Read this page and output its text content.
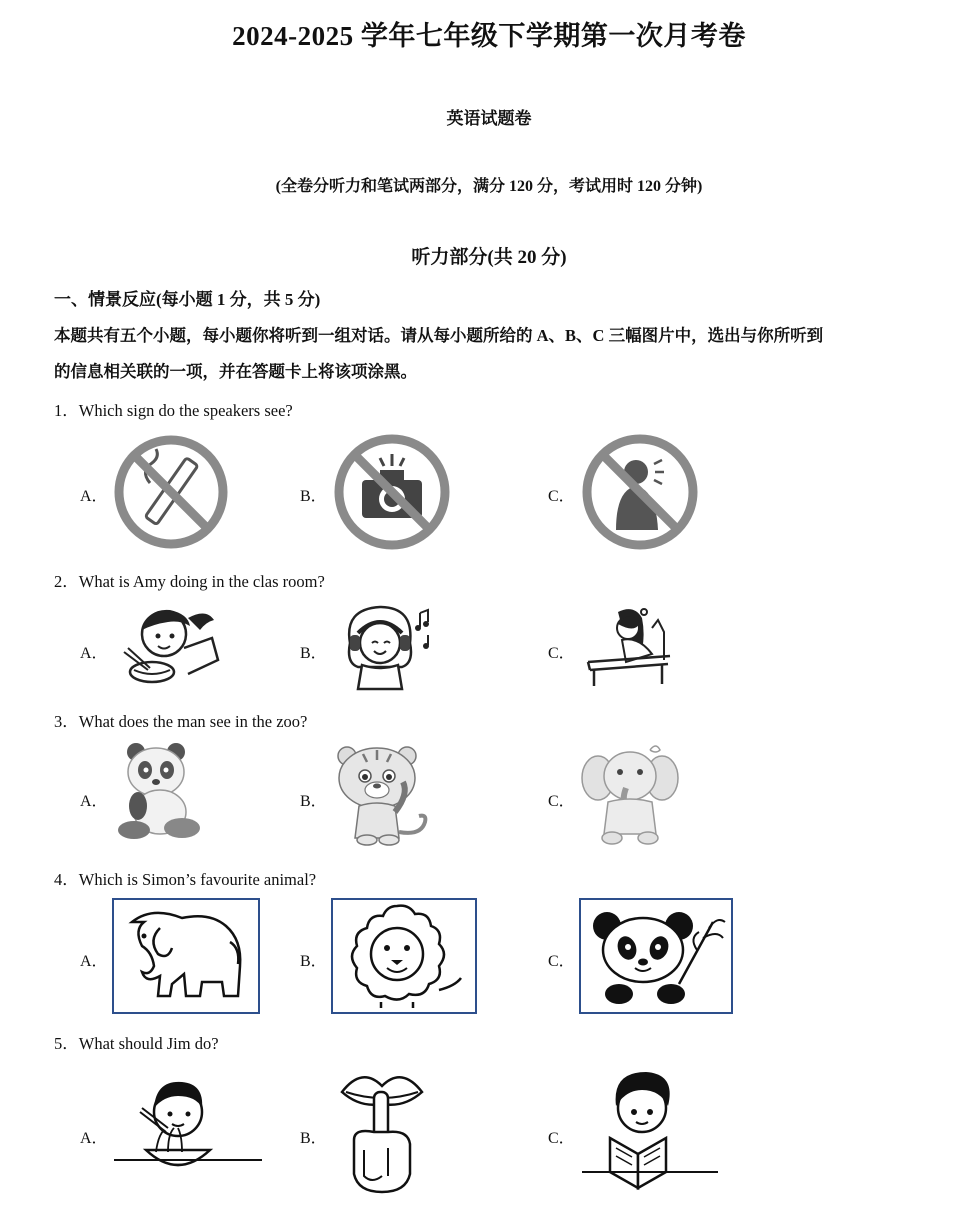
2024-2025 学年七年级下学期第一次月考卷
英语试题卷
(全卷分听力和笔试两部分，满分 120 分，考试用时 120 分钟)
听力部分(共 20 分)
一、情景反应(每小题 1 分，共 5 分)
本题共有五个小题，每小题你将听到一组对话。请从每小题所给的 A、B、C 三幅图片中，选出与你所听到
的信息相关联的一项，并在答题卡上将该项涂黑。
1．Which sign do the speakers see?
A．	B．	C．
2．What is Amy doing in the clas room?
A．	B．	C．
3．What does the man see in the zoo?
A．	B．	C．
4．Which is Simon’s favourite animal?
A．	B．	C．
5．What should Jim do?
A．	B．	C．
